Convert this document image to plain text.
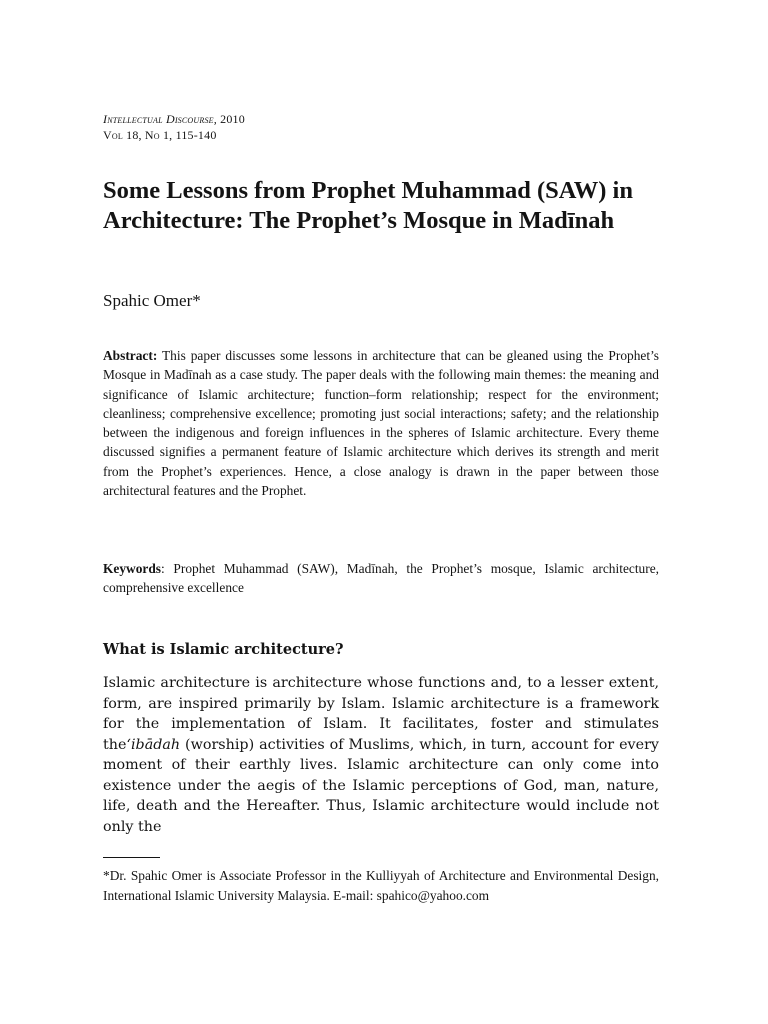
Intellectual Discourse, 2010
Vol 18, No 1, 115-140
Some Lessons from Prophet Muhammad (SAW) in Architecture: The Prophet’s Mosque in Madīnah

Spahic Omer*

Abstract: This paper discusses some lessons in architecture that can be gleaned using the Prophet’s Mosque in Madīnah as a case study. The paper deals with the following main themes: the meaning and significance of Islamic architecture; function–form relationship; respect for the environment; cleanliness; comprehensive excellence; promoting just social interactions; safety; and the relationship between the indigenous and foreign influences in the spheres of Islamic architecture. Every theme discussed signifies a permanent feature of Islamic architecture which derives its strength and merit from the Prophet’s experiences. Hence, a close analogy is drawn in the paper between those architectural features and the Prophet.

Keywords: Prophet Muhammad (SAW), Madīnah, the Prophet’s mosque, Islamic architecture, comprehensive excellence

What is Islamic architecture?

Islamic architecture is architecture whose functions and, to a lesser extent, form, are inspired primarily by Islam. Islamic architecture is a framework for the implementation of Islam. It facilitates, foster and stimulates the‘ibādah (worship) activities of Muslims, which, in turn, account for every moment of their earthly lives. Islamic architecture can only come into existence under the aegis of the Islamic perceptions of God, man, nature, life, death and the Hereafter. Thus, Islamic architecture would include not only the

*Dr. Spahic Omer is Associate Professor in the Kulliyyah of Architecture and Environmental Design, International Islamic University Malaysia. E-mail: spahico@yahoo.com
